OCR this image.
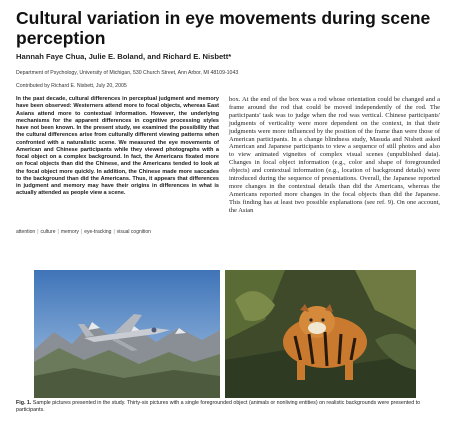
Cultural variation in eye movements during scene perception
Hannah Faye Chua, Julie E. Boland, and Richard E. Nisbett*
Department of Psychology, University of Michigan, 530 Church Street, Ann Arbor, MI 48109-1043
Contributed by Richard E. Nisbett, July 20, 2005
In the past decade, cultural differences in perceptual judgment and memory have been observed: Westerners attend more to focal objects, whereas East Asians attend more to contextual information. However, the underlying mechanisms for the apparent differences in cognitive processing styles have not been known. In the present study, we examined the possibility that the cultural differences arise from culturally different viewing patterns when confronted with a naturalistic scene. We measured the eye movements of American and Chinese participants while they viewed photographs with a focal object on a complex background. In fact, the Americans fixated more on focal objects than did the Chinese, and the Americans tended to look at the focal object more quickly. In addition, the Chinese made more saccades to the background than did the Americans. Thus, it appears that differences in judgment and memory may have their origins in differences in what is actually attended as people view a scene.
attention | culture | memory | eye-tracking | visual cognition
box. At the end of the box was a rod whose orientation could be changed and a frame around the rod that could be moved independently of the rod. The participants' task was to judge when the rod was vertical. Chinese participants' judgments of verticality were more dependent on the context, in that their judgments were more influenced by the position of the frame than were those of American participants. In a change blindness study, Masuda and Nisbett asked American and Japanese participants to view a sequence of still photos and also to view animated vignettes of complex visual scenes (unpublished data). Changes in focal object information (e.g., color and shape of foregrounded objects) and contextual information (e.g., location of background details) were introduced during the sequence of presentations. Overall, the Japanese reported more changes in the contextual details than did the Americans, whereas the Americans reported more changes in the focal objects than did the Japanese. This finding has at least two possible explanations (see ref. 9). On one account, the Asian
Fig. 1. Sample pictures presented in the study. Thirty-six pictures with a single foregrounded object (animals or nonliving entities) on realistic backgrounds were presented to participants.
